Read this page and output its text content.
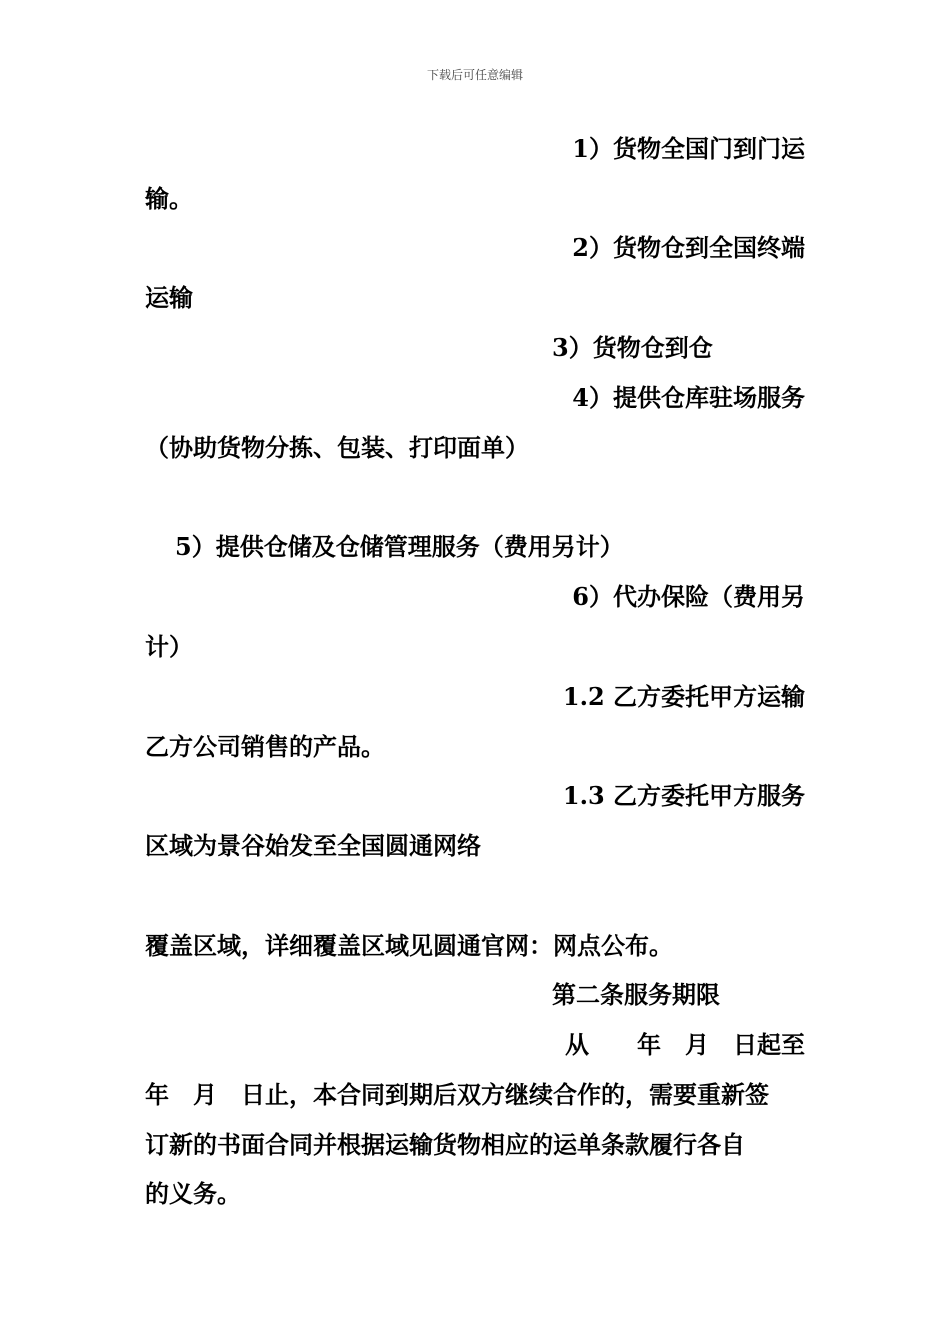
下载后可任意编辑
1）货物全国门到门运
输。
2）货物仓到全国终端
运输
3）货物仓到仓
4）提供仓库驻场服务
（协助货物分拣、包装、打印面单）
5）提供仓储及仓储管理服务（费用另计）
6）代办保险（费用另
计）
1.2 乙方委托甲方运输
乙方公司销售的产品。
1.3 乙方委托甲方服务
区域为景谷始发至全国圆通网络
覆盖区域，详细覆盖区域见圆通官网：网点公布。
第二条服务期限
从　　年　月　日起至
年　月　日止，本合同到期后双方继续合作的，需要重新签
订新的书面合同并根据运输货物相应的运单条款履行各自
的义务。
